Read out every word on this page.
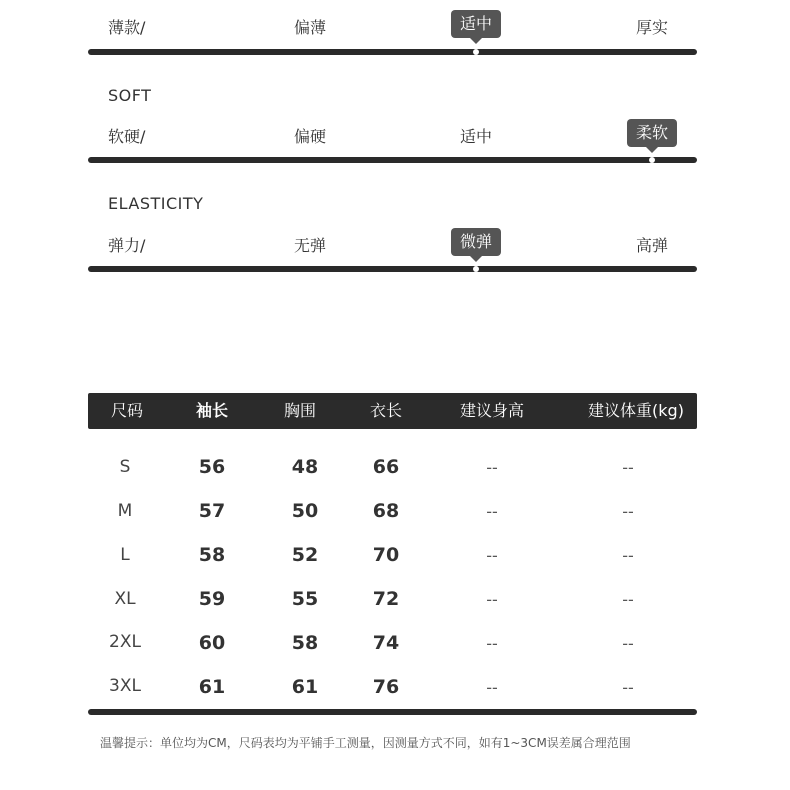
薄款/	偏薄	适中	厚实
SOFT
软硬/	偏硬	适中	柔软
ELASTICITY
弹力/	无弹	微弹	高弹
尺码	袖长	胸围	衣长	建议身高	建议体重(kg)
S	56	48	66	--	--
M	57	50	68	--	--
L	58	52	70	--	--
XL	59	55	72	--	--
2XL	60	58	74	--	--
3XL	61	61	76	--	--
温馨提示：单位均为CM，尺码表均为平铺手工测量，因测量方式不同，如有1~3CM误差属合理范围
